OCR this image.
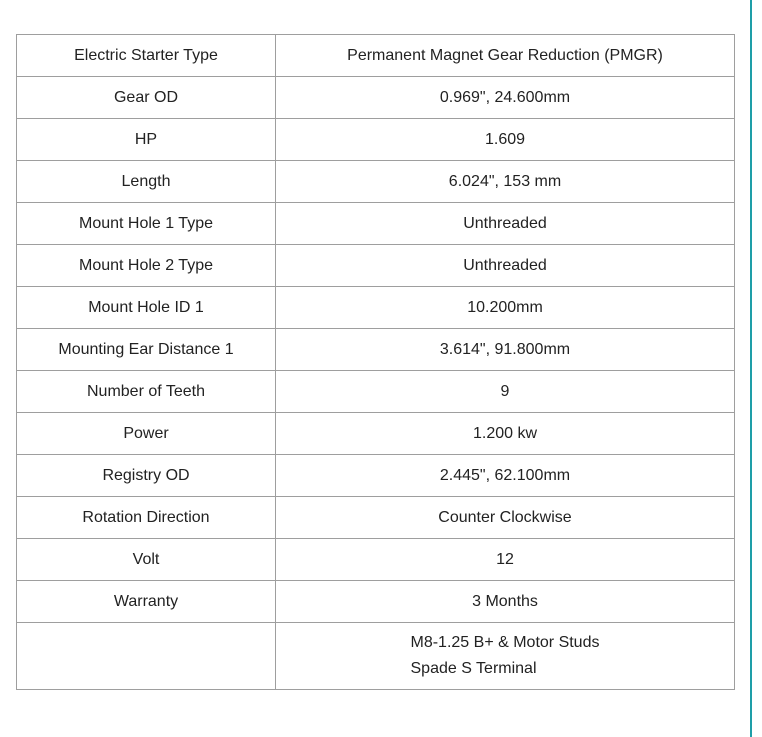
Electric Starter Type	Permanent Magnet Gear Reduction (PMGR)
Gear OD	0.969", 24.600mm
HP	1.609
Length	6.024", 153 mm
Mount Hole 1 Type	Unthreaded
Mount Hole 2 Type	Unthreaded
Mount Hole ID 1	10.200mm
Mounting Ear Distance 1	3.614", 91.800mm
Number of Teeth	9
Power	1.200 kw
Registry OD	2.445", 62.100mm
Rotation Direction	Counter Clockwise
Volt	12
Warranty	3 Months

	M8-1.25 B+ & Motor Studs
Spade S Terminal
